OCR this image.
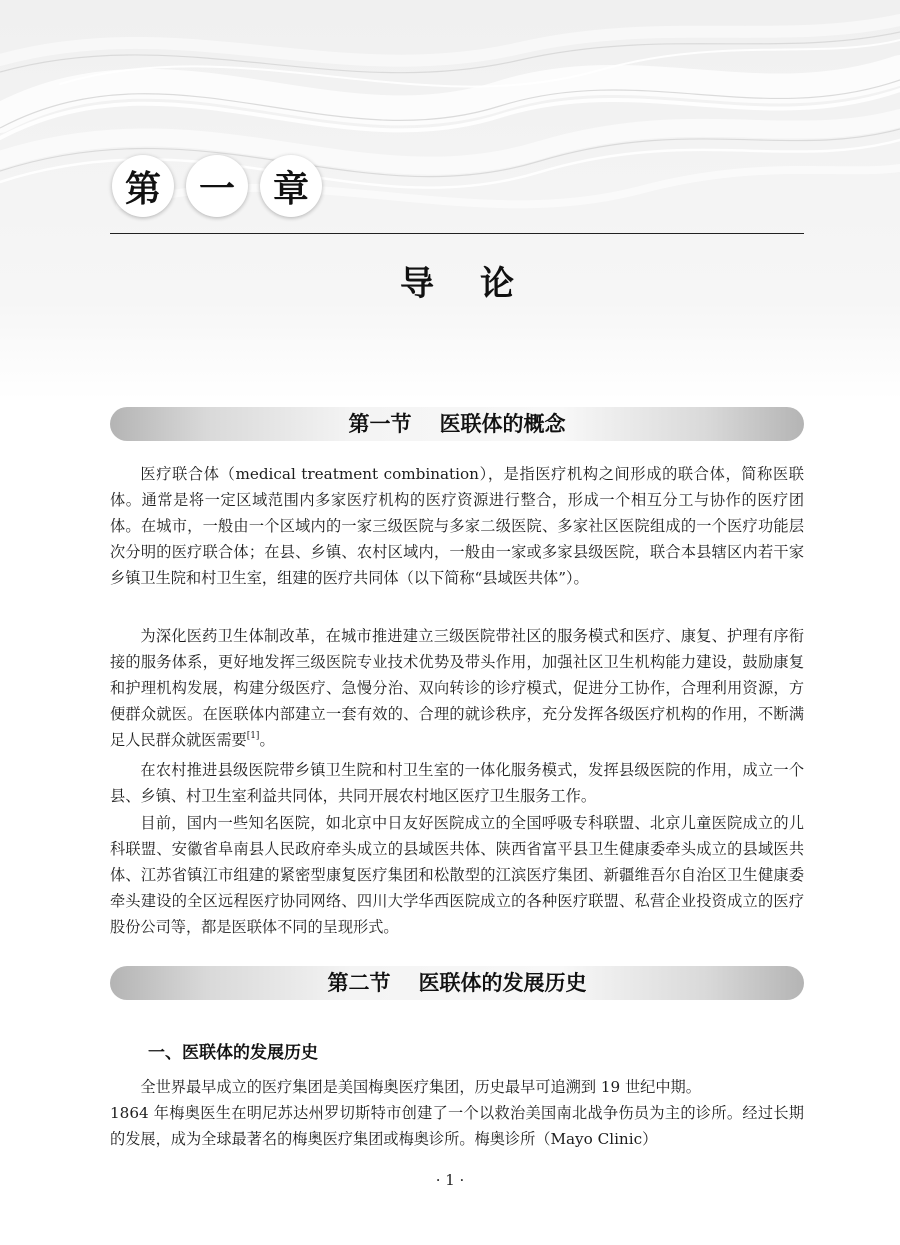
第	一	章
导论
第一节 医联体的概念

医疗联合体（medical treatment combination），是指医疗机构之间形成的联合体，简称医联体。通常是将一定区域范围内多家医疗机构的医疗资源进行整合，形成一个相互分工与协作的医疗团体。在城市，一般由一个区域内的一家三级医院与多家二级医院、多家社区医院组成的一个医疗功能层次分明的医疗联合体；在县、乡镇、农村区域内，一般由一家或多家县级医院，联合本县辖区内若干家乡镇卫生院和村卫生室，组建的医疗共同体（以下简称“县域医共体”）。

为深化医药卫生体制改革，在城市推进建立三级医院带社区的服务模式和医疗、康复、护理有序衔接的服务体系，更好地发挥三级医院专业技术优势及带头作用，加强社区卫生机构能力建设，鼓励康复和护理机构发展，构建分级医疗、急慢分治、双向转诊的诊疗模式，促进分工协作，合理利用资源，方便群众就医。在医联体内部建立一套有效的、合理的就诊秩序，充分发挥各级医疗机构的作用，不断满足人民群众就医需要[1]。

在农村推进县级医院带乡镇卫生院和村卫生室的一体化服务模式，发挥县级医院的作用，成立一个县、乡镇、村卫生室利益共同体，共同开展农村地区医疗卫生服务工作。

目前，国内一些知名医院，如北京中日友好医院成立的全国呼吸专科联盟、北京儿童医院成立的儿科联盟、安徽省阜南县人民政府牵头成立的县域医共体、陕西省富平县卫生健康委牵头成立的县域医共体、江苏省镇江市组建的紧密型康复医疗集团和松散型的江滨医疗集团、新疆维吾尔自治区卫生健康委牵头建设的全区远程医疗协同网络、四川大学华西医院成立的各种医疗联盟、私营企业投资成立的医疗股份公司等，都是医联体不同的呈现形式。

第二节 医联体的发展历史
一、医联体的发展历史

全世界最早成立的医疗集团是美国梅奥医疗集团，历史最早可追溯到 19 世纪中期。

1864 年梅奥医生在明尼苏达州罗切斯特市创建了一个以救治美国南北战争伤员为主的诊所。经过长期的发展，成为全球最著名的梅奥医疗集团或梅奥诊所。梅奥诊所（Mayo Clinic）

· 1 ·
